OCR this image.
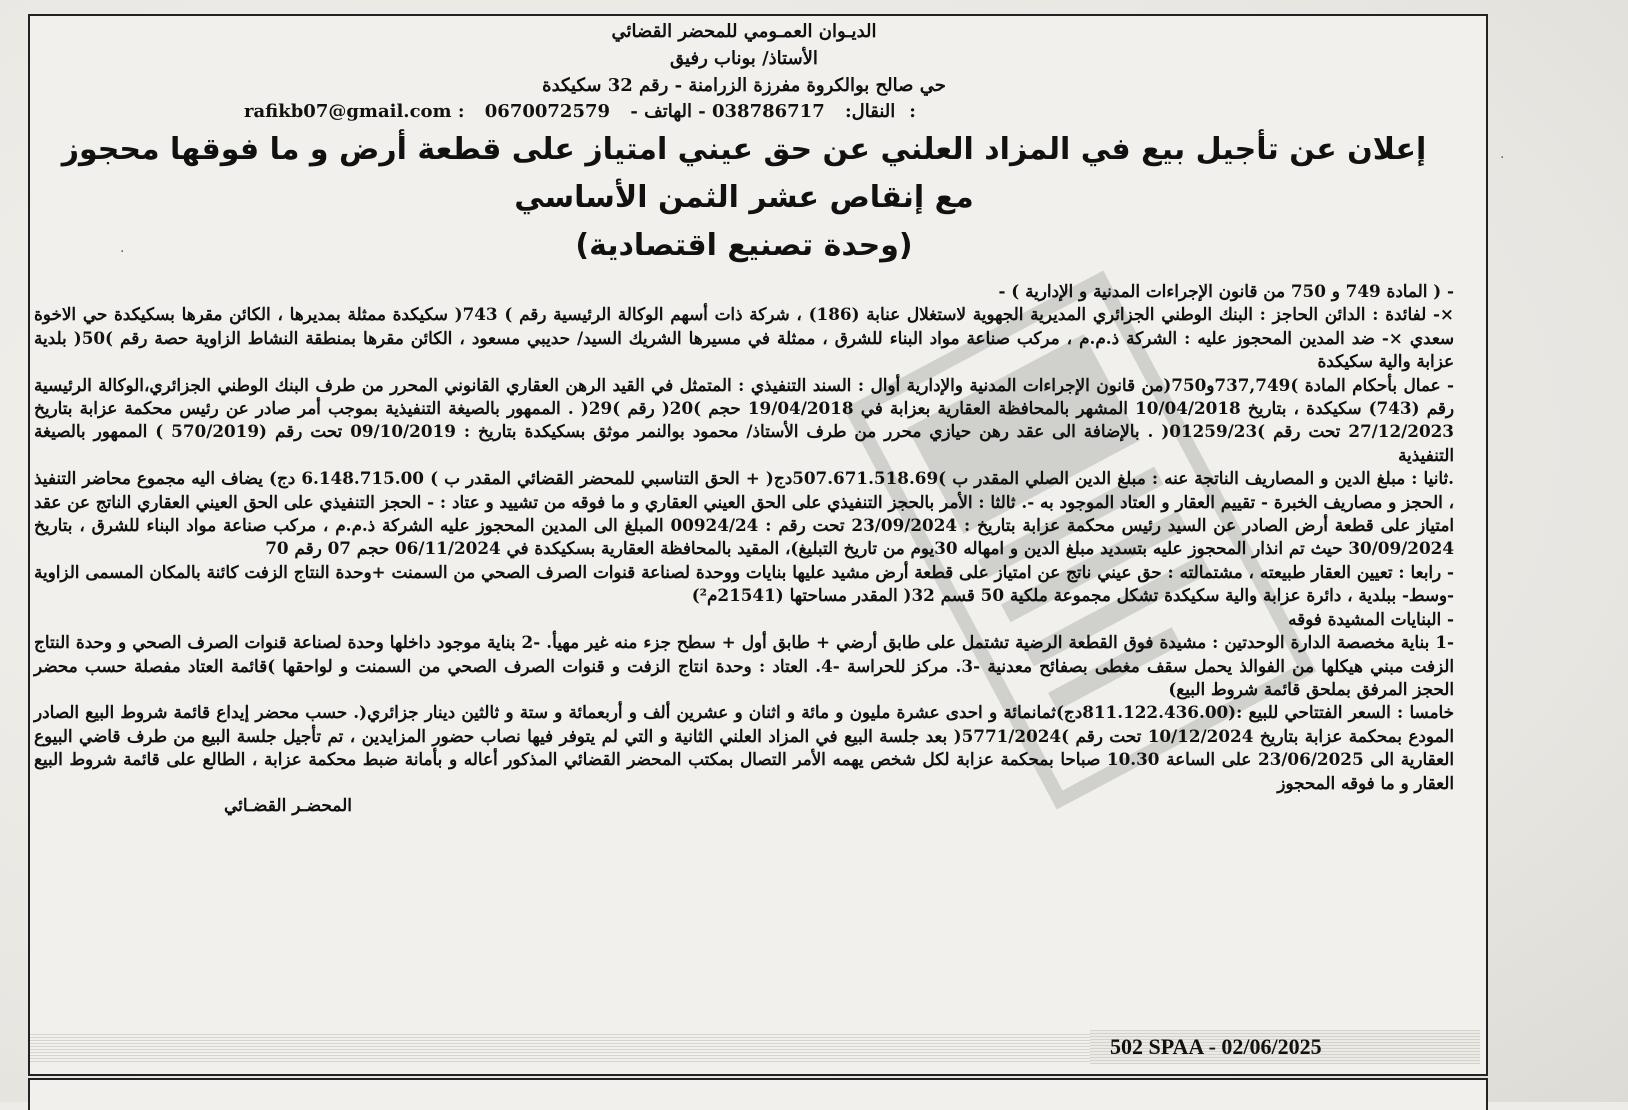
الديـوان العمـومي للمحضر القضائي
الأستاذ/ بوناب رفيق
حي صالح بوالكروة مفرزة الزرامنة - رقم 32 سكيكدة
rafikb07@gmail.com : 0670072579 - النقال: 038786717 - الهاتف:
إعلان عن تأجيل بيع في المزاد العلني عن حق عيني امتياز على قطعة أرض و ما فوقها محجوز
مع إنقاص عشر الثمن الأساسي
(وحدة تصنيع اقتصادية)

- ( المادة 749 و 750 من قانون الإجراءات المدنية و الإدارية ) -

×- لفائدة : الدائن الحاجز : البنك الوطني الجزائري المديرية الجهوية لاستغلال عنابة (186) ، شركة ذات أسهم الوكالة الرئيسية رقم ) 743( سكيكدة ممثلة بمديرها ، الكائن مقرها بسكيكدة حي الاخوة سعدي ×- ضد المدين المحجوز عليه : الشركة ذ.م.م ، مركب صناعة مواد البناء للشرق ، ممثلة في مسيرها الشريك السيد/ حديبي مسعود ، الكائن مقرها بمنطقة النشاط الزاوية حصة رقم )50( بلدية عزابة والية سكيكدة

- عمال بأحكام المادة )737,749و750(من قانون الإجراءات المدنية والإدارية أوال : السند التنفيذي : المتمثل في القيد الرهن العقاري القانوني المحرر من طرف البنك الوطني الجزائري،الوكالة الرئيسية رقم (743) سكيكدة ، بتاريخ 10/04/2018 المشهر بالمحافظة العقارية بعزابة في 19/04/2018 حجم )20( رقم )29( . الممهور بالصيغة التنفيذية بموجب أمر صادر عن رئيس محكمة عزابة بتاريخ 27/12/2023 تحت رقم )01259/23( . بالإضافة الى عقد رهن حيازي محرر من طرف الأستاذ/ محمود بوالنمر موثق بسكيكدة بتاريخ : 09/10/2019 تحت رقم (570/2019 ) الممهور بالصيغة التنفيذية

.ثانيا : مبلغ الدين و المصاريف الناتجة عنه : مبلغ الدين الصلي المقدر ب )507.671.518.69دج( + الحق التناسبي للمحضر القضائي المقدر ب ) 6.148.715.00 دج) يضاف اليه مجموع محاضر التنفيذ ، الحجز و مصاريف الخبرة - تقييم العقار و العتاد الموجود به -. ثالثا : الأمر بالحجز التنفيذي على الحق العيني العقاري و ما فوقه من تشييد و عتاد : - الحجز التنفيذي على الحق العيني العقاري الناتج عن عقد امتياز على قطعة أرض الصادر عن السيد رئيس محكمة عزابة بتاريخ : 23/09/2024 تحت رقم : 00924/24 المبلغ الى المدين المحجوز عليه الشركة ذ.م.م ، مركب صناعة مواد البناء للشرق ، بتاريخ 30/09/2024 حيث تم انذار المحجوز عليه بتسديد مبلغ الدين و امهاله 30يوم من تاريخ التبليغ)، المقيد بالمحافظة العقارية بسكيكدة في 06/11/2024 حجم 07 رقم 70

- رابعا : تعيين العقار طبيعته ، مشتمالته : حق عيني ناتج عن امتياز على قطعة أرض مشيد عليها بنايات ووحدة لصناعة قنوات الصرف الصحي من السمنت +وحدة النتاج الزفت كائنة بالمكان المسمى الزاوية -وسط- ببلدية ، دائرة عزابة والية سكيكدة تشكل مجموعة ملكية 50 قسم 32( المقدر مساحتها (21541م²)

- البنايات المشيدة فوقه

-1 بناية مخصصة الدارة الوحدتين : مشيدة فوق القطعة الرضية تشتمل على طابق أرضي + طابق أول + سطح جزء منه غير مهيأ. -2 بناية موجود داخلها وحدة لصناعة قنوات الصرف الصحي و وحدة النتاج الزفت مبني هيكلها من الفوالذ يحمل سقف مغطى بصفائح معدنية -3. مركز للحراسة -4. العتاد : وحدة انتاج الزفت و قنوات الصرف الصحي من السمنت و لواحقها )قائمة العتاد مفصلة حسب محضر الحجز المرفق بملحق قائمة شروط البيع)

خامسا : السعر الفتتاحي للبيع :(811.122.436.00دج)ثمانمائة و احدى عشرة مليون و مائة و اثنان و عشرين ألف و أربعمائة و ستة و ثالثين دينار جزائري(. حسب محضر إيداع قائمة شروط البيع الصادر المودع بمحكمة عزابة بتاريخ 10/12/2024 تحت رقم )5771/2024( بعد جلسة البيع في المزاد العلني الثانية و التي لم يتوفر فيها نصاب حضور المزايدين ، تم تأجيل جلسة البيع من طرف قاضي البيوع العقارية الى 23/06/2025 على الساعة 10.30 صباحا بمحكمة عزابة لكل شخص يهمه الأمر التصال بمكتب المحضر القضائي المذكور أعاله و بأمانة ضبط محكمة عزابة ، الطالع على قائمة شروط البيع العقار و ما فوقه المحجوز

المحضـر القضـائي
502 SPAA - 02/06/2025
·
·
